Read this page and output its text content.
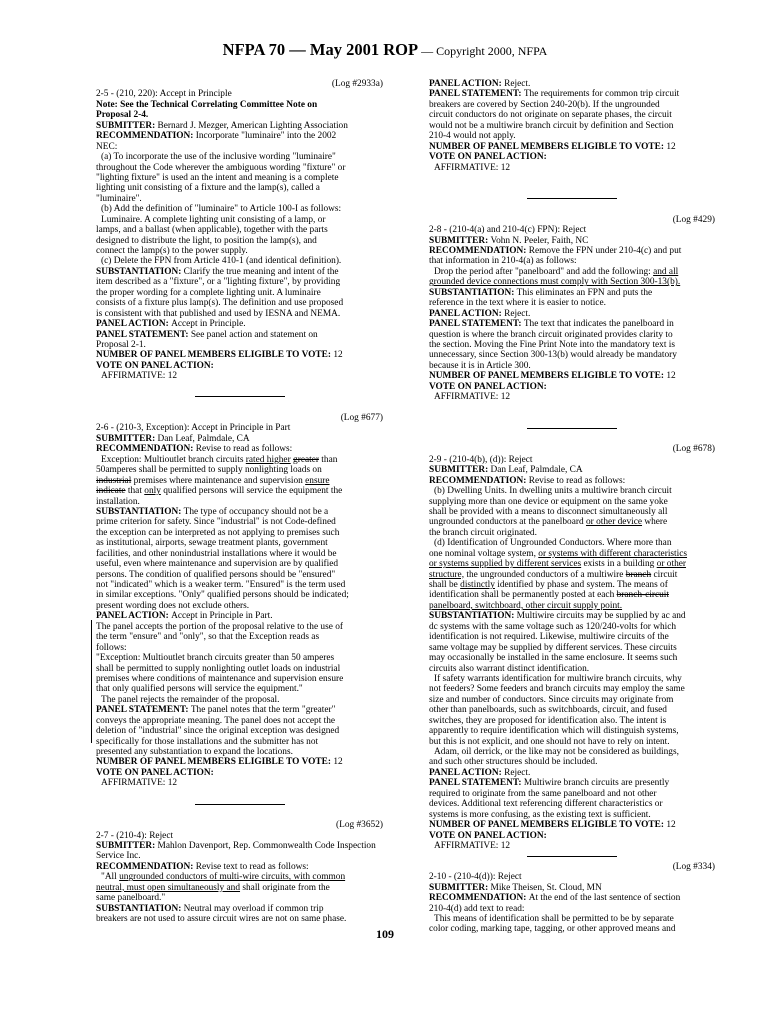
NFPA 70 — May 2001 ROP — Copyright 2000, NFPA
(Log #2933a)
2-5 - (210, 220): Accept in Principle
Note: See the Technical Correlating Committee Note on
Proposal 2-4.
SUBMITTER: Bernard J. Mezger, American Lighting Association
RECOMMENDATION: Incorporate "luminaire" into the 2002
NEC:
(a) To incorporate the use of the inclusive wording "luminaire"
throughout the Code wherever the ambiguous wording "fixture" or
"lighting fixture" is used an the intent and meaning is a complete
lighting unit consisting of a fixture and the lamp(s), called a
"luminaire".
(b) Add the definition of "luminaire" to Article 100-I as follows:
Luminaire. A complete lighting unit consisting of a lamp, or
lamps, and a ballast (when applicable), together with the parts
designed to distribute the light, to position the lamp(s), and
connect the lamp(s) to the power supply.
(c) Delete the FPN from Article 410-1 (and identical definition).
SUBSTANTIATION: Clarify the true meaning and intent of the
item described as a "fixture", or a "lighting fixture", by providing
the proper wording for a complete lighting unit. A luminaire
consists of a fixture plus lamp(s). The definition and use proposed
is consistent with that published and used by IESNA and NEMA.
PANEL ACTION: Accept in Principle.
PANEL STATEMENT: See panel action and statement on
Proposal 2-1.
NUMBER OF PANEL MEMBERS ELIGIBLE TO VOTE: 12
VOTE ON PANEL ACTION:
AFFIRMATIVE: 12
(Log #677)
2-6 - (210-3, Exception): Accept in Principle in Part
SUBMITTER: Dan Leaf, Palmdale, CA
RECOMMENDATION: Revise to read as follows:
Exception: Multioutlet branch circuits rated higher greater than
50amperes shall be permitted to supply nonlighting loads on
industrial premises where maintenance and supervision ensure
indicate that only qualified persons will service the equipment the
installation.
SUBSTANTIATION: The type of occupancy should not be a
prime criterion for safety. Since "industrial" is not Code-defined
the exception can be interpreted as not applying to premises such
as institutional, airports, sewage treatment plants, government
facilities, and other nonindustrial installations where it would be
useful, even where maintenance and supervision are by qualified
persons. The condition of qualified persons should be "ensured"
not "indicated" which is a weaker term. "Ensured" is the term used
in similar exceptions. "Only" qualified persons should be indicated;
present wording does not exclude others.
PANEL ACTION: Accept in Principle in Part.
The panel accepts the portion of the proposal relative to the use of
the term "ensure" and "only", so that the Exception reads as
follows:
"Exception: Multioutlet branch circuits greater than 50 amperes
shall be permitted to supply nonlighting outlet loads on industrial
premises where conditions of maintenance and supervision ensure
that only qualified persons will service the equipment."
The panel rejects the remainder of the proposal.
PANEL STATEMENT: The panel notes that the term "greater"
conveys the appropriate meaning. The panel does not accept the
deletion of "industrial" since the original exception was designed
specifically for those installations and the submitter has not
presented any substantiation to expand the locations.
NUMBER OF PANEL MEMBERS ELIGIBLE TO VOTE: 12
VOTE ON PANEL ACTION:
AFFIRMATIVE: 12
(Log #3652)
2-7 - (210-4): Reject
SUBMITTER: Mahlon Davenport, Rep. Commonwealth Code Inspection
Service Inc.
RECOMMENDATION: Revise text to read as follows:
"All ungrounded conductors of multi-wire circuits, with common
neutral, must open simultaneously and shall originate from the
same panelboard."
SUBSTANTIATION: Neutral may overload if common trip
breakers are not used to assure circuit wires are not on same phase.
PANEL ACTION: Reject.
PANEL STATEMENT: The requirements for common trip circuit
breakers are covered by Section 240-20(b). If the ungrounded
circuit conductors do not originate on separate phases, the circuit
would not be a multiwire branch circuit by definition and Section
210-4 would not apply.
NUMBER OF PANEL MEMBERS ELIGIBLE TO VOTE: 12
VOTE ON PANEL ACTION:
AFFIRMATIVE: 12
(Log #429)
2-8 - (210-4(a) and 210-4(c) FPN): Reject
SUBMITTER: Vohn N. Peeler, Faith, NC
RECOMMENDATION: Remove the FPN under 210-4(c) and put
that information in 210-4(a) as follows:
Drop the period after "panelboard" and add the following: and all
grounded device connections must comply with Section 300-13(b).
SUBSTANTIATION: This eliminates an FPN and puts the
reference in the text where it is easier to notice.
PANEL ACTION: Reject.
PANEL STATEMENT: The text that indicates the panelboard in
question is where the branch circuit originated provides clarity to
the section. Moving the Fine Print Note into the mandatory text is
unnecessary, since Section 300-13(b) would already be mandatory
because it is in Article 300.
NUMBER OF PANEL MEMBERS ELIGIBLE TO VOTE: 12
VOTE ON PANEL ACTION:
AFFIRMATIVE: 12
(Log #678)
2-9 - (210-4(b), (d)): Reject
SUBMITTER: Dan Leaf, Palmdale, CA
RECOMMENDATION: Revise to read as follows:
(b) Dwelling Units. In dwelling units a multiwire branch circuit
supplying more than one device or equipment on the same yoke
shall be provided with a means to disconnect simultaneously all
ungrounded conductors at the panelboard or other device where
the branch circuit originated.
(d) Identification of Ungrounded Conductors. Where more than
one nominal voltage system, or systems with different characteristics
or systems supplied by different services exists in a building or other
structure, the ungrounded conductors of a multiwire branch circuit
shall be distinctly identified by phase and system. The means of
identification shall be permanently posted at each branch-circuit
panelboard, switchboard, other circuit supply point.
SUBSTANTIATION: Multiwire circuits may be supplied by ac and
dc systems with the same voltage such as 120/240-volts for which
identification is not required. Likewise, multiwire circuits of the
same voltage may be supplied by different services. These circuits
may occasionally be installed in the same enclosure. It seems such
circuits also warrant distinct identification.
If safety warrants identification for multiwire branch circuits, why
not feeders? Some feeders and branch circuits may employ the same
size and number of conductors. Since circuits may originate from
other than panelboards, such as switchboards, circuit, and fused
switches, they are proposed for identification also. The intent is
apparently to require identification which will distinguish systems,
but this is not explicit, and one should not have to rely on intent.
Adam, oil derrick, or the like may not be considered as buildings,
and such other structures should be included.
PANEL ACTION: Reject.
PANEL STATEMENT: Multiwire branch circuits are presently
required to originate from the same panelboard and not other
devices. Additional text referencing different characteristics or
systems is more confusing, as the existing text is sufficient.
NUMBER OF PANEL MEMBERS ELIGIBLE TO VOTE: 12
VOTE ON PANEL ACTION:
AFFIRMATIVE: 12
(Log #334)
2-10 - (210-4(d)): Reject
SUBMITTER: Mike Theisen, St. Cloud, MN
RECOMMENDATION: At the end of the last sentence of section
210-4(d) add text to read:
This means of identification shall be permitted to be by separate
color coding, marking tape, tagging, or other approved means and
109
